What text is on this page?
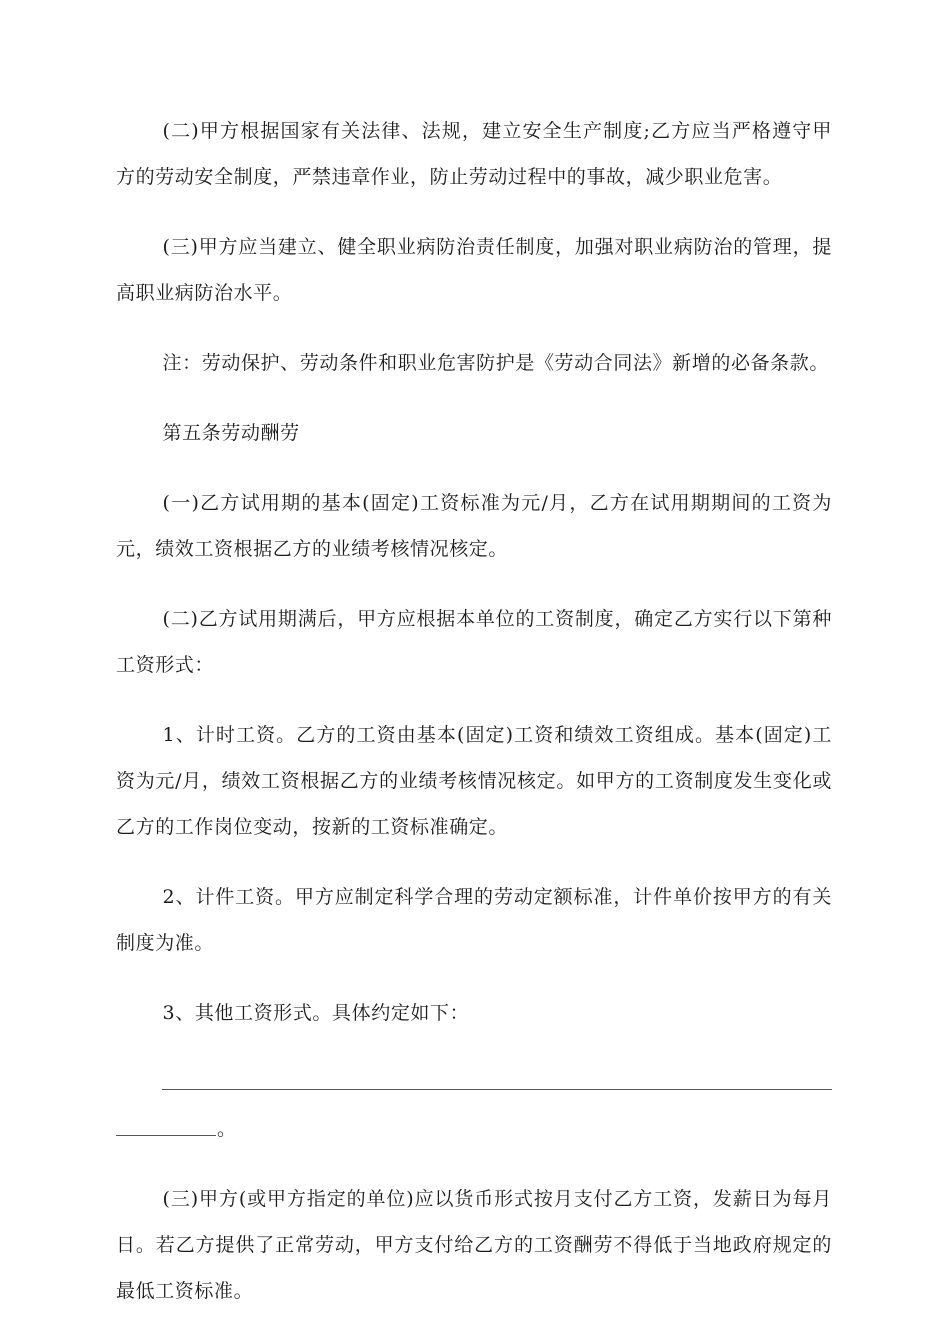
(二)甲方根据国家有关法律、法规，建立安全生产制度;乙方应当严格遵守甲方的劳动安全制度，严禁违章作业，防止劳动过程中的事故，减少职业危害。

(三)甲方应当建立、健全职业病防治责任制度，加强对职业病防治的管理，提高职业病防治水平。

注：劳动保护、劳动条件和职业危害防护是《劳动合同法》新增的必备条款。

第五条劳动酬劳

(一)乙方试用期的基本(固定)工资标准为元/月，乙方在试用期期间的工资为元，绩效工资根据乙方的业绩考核情况核定。

(二)乙方试用期满后，甲方应根据本单位的工资制度，确定乙方实行以下第种工资形式：

1、计时工资。乙方的工资由基本(固定)工资和绩效工资组成。基本(固定)工资为元/月，绩效工资根据乙方的业绩考核情况核定。如甲方的工资制度发生变化或乙方的工作岗位变动，按新的工资标准确定。

2、计件工资。甲方应制定科学合理的劳动定额标准，计件单价按甲方的有关制度为准。

3、其他工资形式。具体约定如下：

。

(三)甲方(或甲方指定的单位)应以货币形式按月支付乙方工资，发薪日为每月日。若乙方提供了正常劳动，甲方支付给乙方的工资酬劳不得低于当地政府规定的最低工资标准。
